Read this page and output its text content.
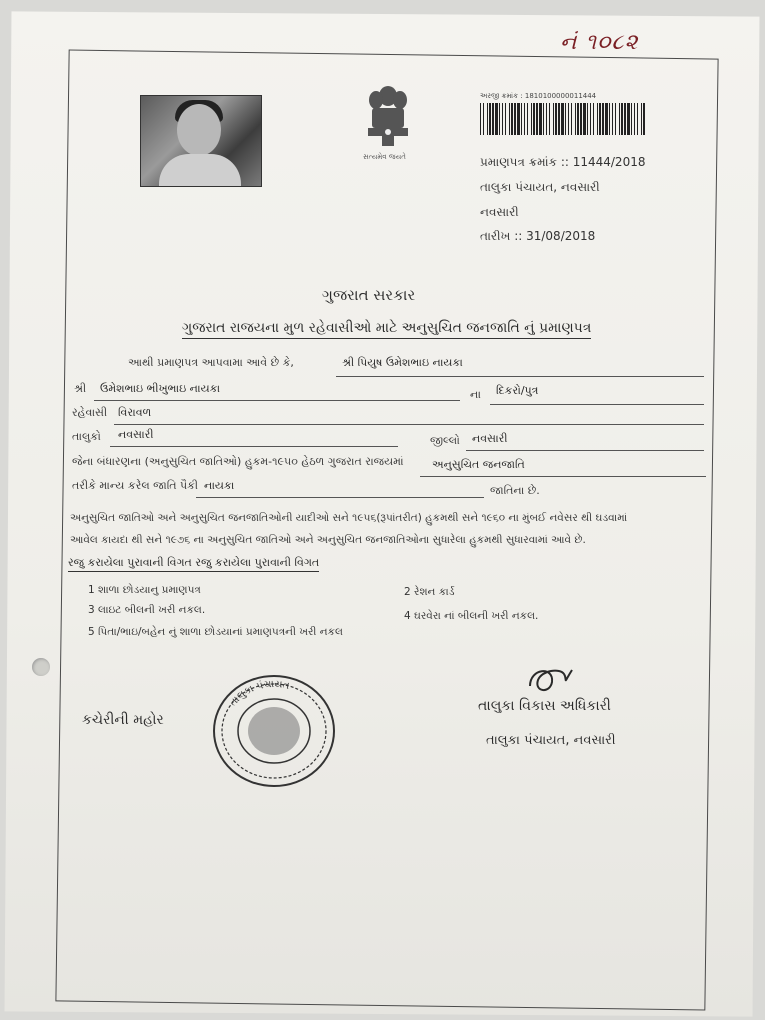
નં ૧૦૮૨
સત્યમેવ જયતે
અરજી ક્રમાંક : 1810100000011444
પ્રમાણપત્ર ક્રમાંક :: 11444/2018
તાલુકા પંચાયત, નવસારી
નવસારી
તારીખ :: 31/08/2018
ગુજરાત સરકાર
ગુજરાત રાજયના મુળ રહેવાસીઓ માટે અનુસુચિત જનજાતિ નું પ્રમાણપત્ર
આથી પ્રમાણપત્ર આપવામા આવે છે કે,	શ્રી પિયુષ ઉમેશભાઇ નાયકા
શ્રી ઉમેશભાઇ ભીખુભાઇ નાયકા	ના દિકરો/પુત્ર
રહેવાસી વિરાવળ
તાલુકો નવસારી	જીલ્લો નવસારી
જેના બંધારણના (અનુસુચિત જાતિઓ) હુકમ-૧૯૫૦ હેઠળ ગુજરાત રાજયમાં	અનુસુચિત જનજાતિ
તરીકે માન્ય કરેલ જાતિ પૈકી નાયકા	જાતિના છે.
અનુસુચિત જાતિઓ અને અનુસુચિત જનજાતિઓની યાદીઓ સને ૧૯૫૬(રૂપાંતરીત) હુકમથી સને ૧૯૬૦ ના મુંબઈ નવેસર થી ઘડવામાં
આવેલ કાયદા થી સને ૧૯૭૬ ના અનુસુચિત જાતિઓ અને અનુસુચિત જનજાતિઓના સુધારેલા હુકમથી સુધારવામાં આવે છે.
રજુ કરાયેલા પુરાવાની વિગત રજુ કરાયેલા પુરાવાની વિગત
1 શાળા છોડયાનુ પ્રમાણપત્ર	2 રેશન કાર્ડ
3 લાઇટ બીલની ખરી નકલ.	4 ઘરવેરા નાં બીલની ખરી નકલ.
5 પિતા/ભાઇ/બહેન નું શાળા છોડયાનાં પ્રમાણપત્રની ખરી નકલ
કચેરીની મહોર
તાલુકા પંચાયત
તાલુકા વિકાસ અધિકારી
તાલુકા પંચાયત, નવસારી
